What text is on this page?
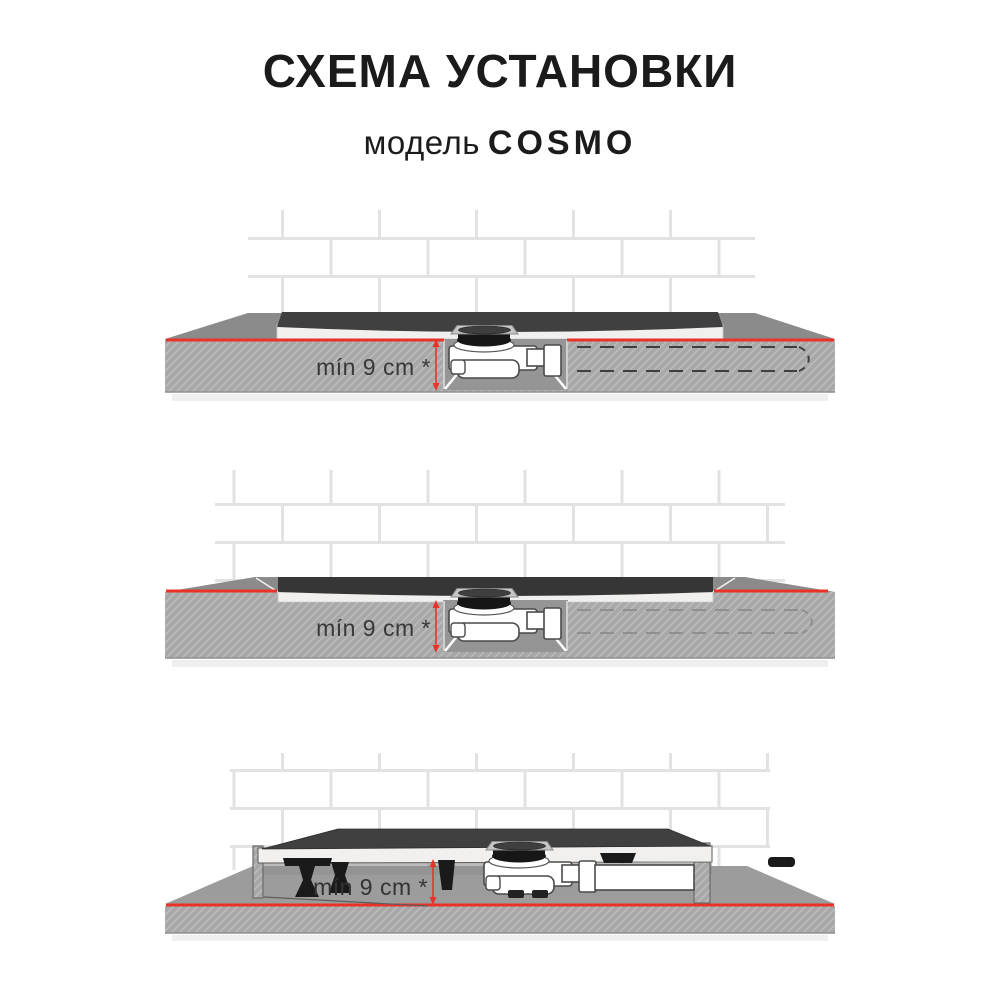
СХЕМА УСТАНОВКИ
модель COSMO
mín 9 cm *
mín 9 cm *
mín 9 cm *
